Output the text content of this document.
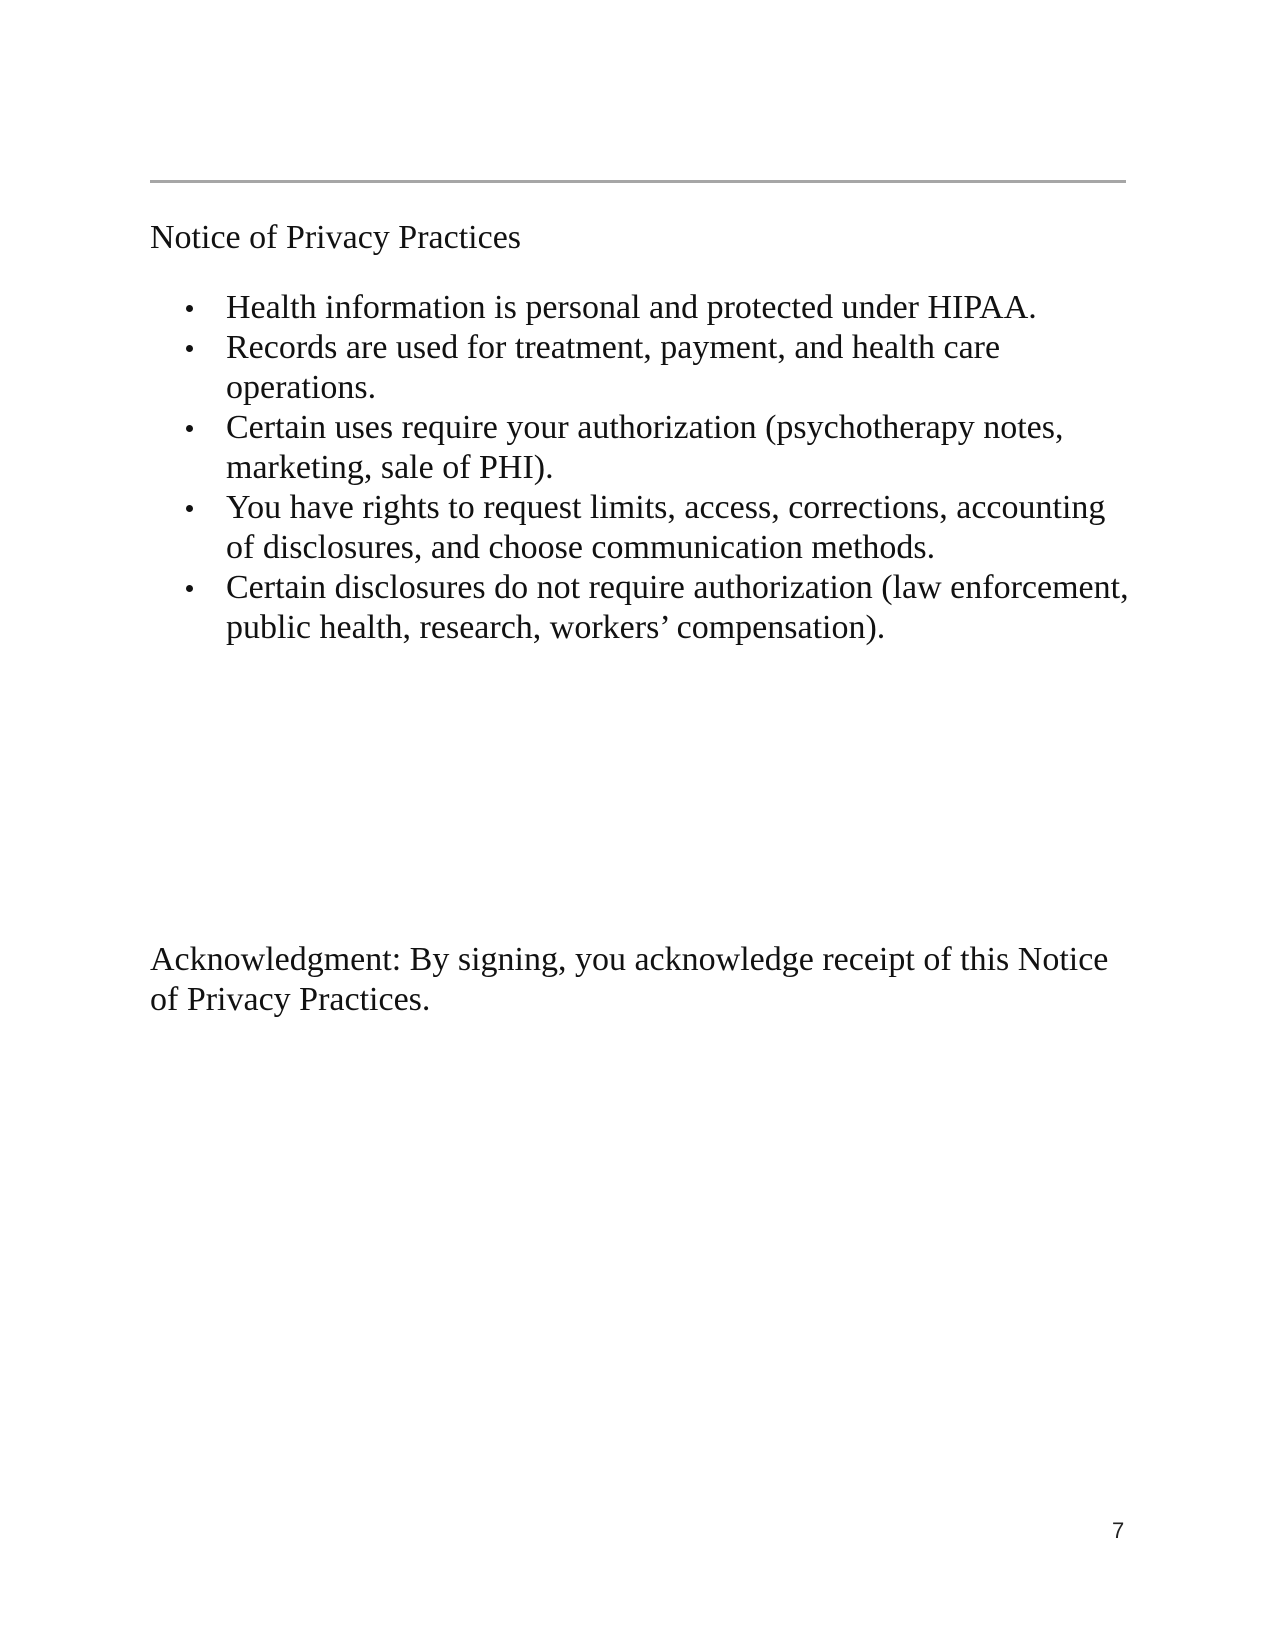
Notice of Privacy Practices
Health information is personal and protected under HIPAA.
Records are used for treatment, payment, and health care operations.
Certain uses require your authorization (psychotherapy notes, marketing, sale of PHI).
You have rights to request limits, access, corrections, accounting of disclosures, and choose communication methods.
Certain disclosures do not require authorization (law enforcement, public health, research, workers’ compensation).

Acknowledgment: By signing, you acknowledge receipt of this Notice of Privacy Practices.

7
